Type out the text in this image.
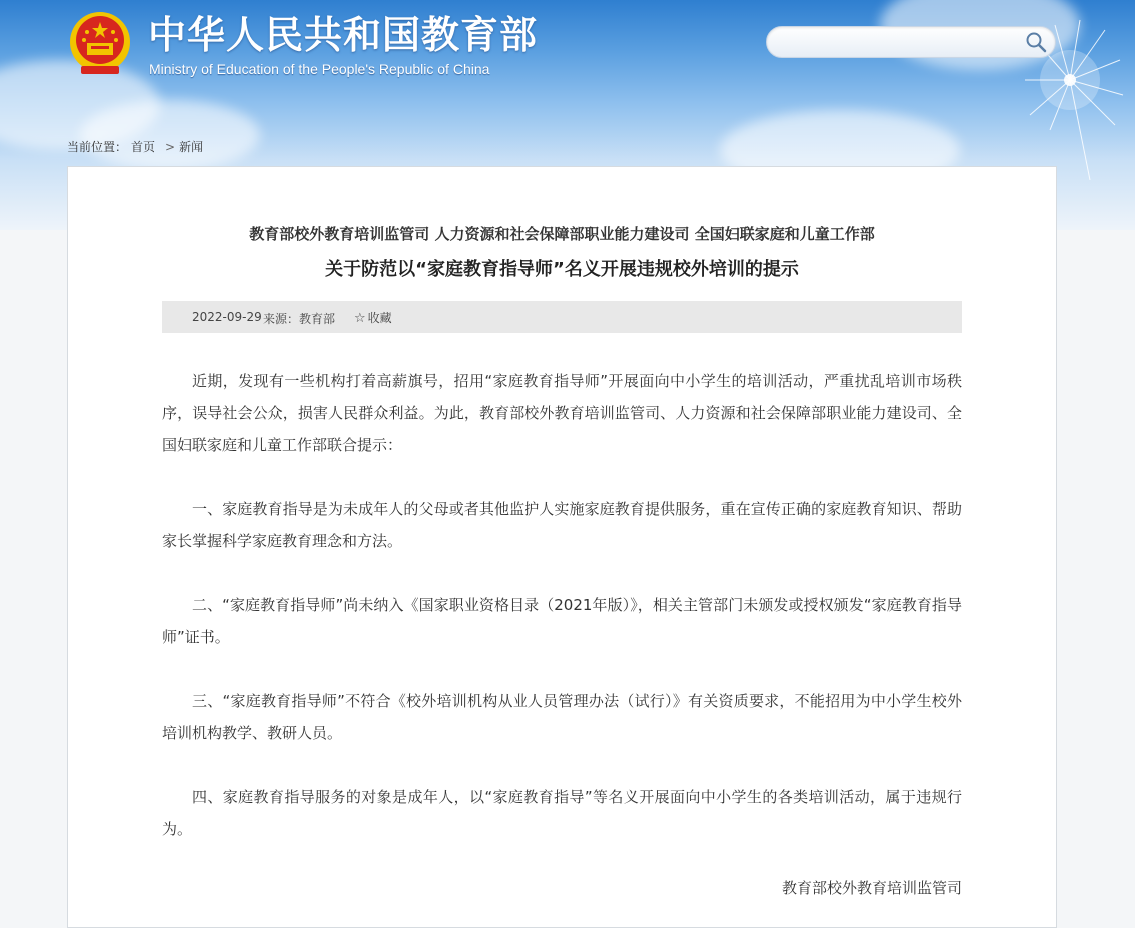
中华人民共和国教育部
Ministry of Education of the People's Republic of China
当前位置： 首页 > 新闻
教育部校外教育培训监管司 人力资源和社会保障部职业能力建设司 全国妇联家庭和儿童工作部
关于防范以“家庭教育指导师”名义开展违规校外培训的提示
2022-09-29 来源：教育部 ☆ 收藏

近期，发现有一些机构打着高薪旗号，招用“家庭教育指导师”开展面向中小学生的培训活动，严重扰乱培训市场秩序，误导社会公众，损害人民群众利益。为此，教育部校外教育培训监管司、人力资源和社会保障部职业能力建设司、全国妇联家庭和儿童工作部联合提示：

一、家庭教育指导是为未成年人的父母或者其他监护人实施家庭教育提供服务，重在宣传正确的家庭教育知识、帮助家长掌握科学家庭教育理念和方法。

二、“家庭教育指导师”尚未纳入《国家职业资格目录（2021年版）》，相关主管部门未颁发或授权颁发“家庭教育指导师”证书。

三、“家庭教育指导师”不符合《校外培训机构从业人员管理办法（试行）》有关资质要求，不能招用为中小学生校外培训机构教学、教研人员。

四、家庭教育指导服务的对象是成年人，以“家庭教育指导”等名义开展面向中小学生的各类培训活动，属于违规行为。

教育部校外教育培训监管司
